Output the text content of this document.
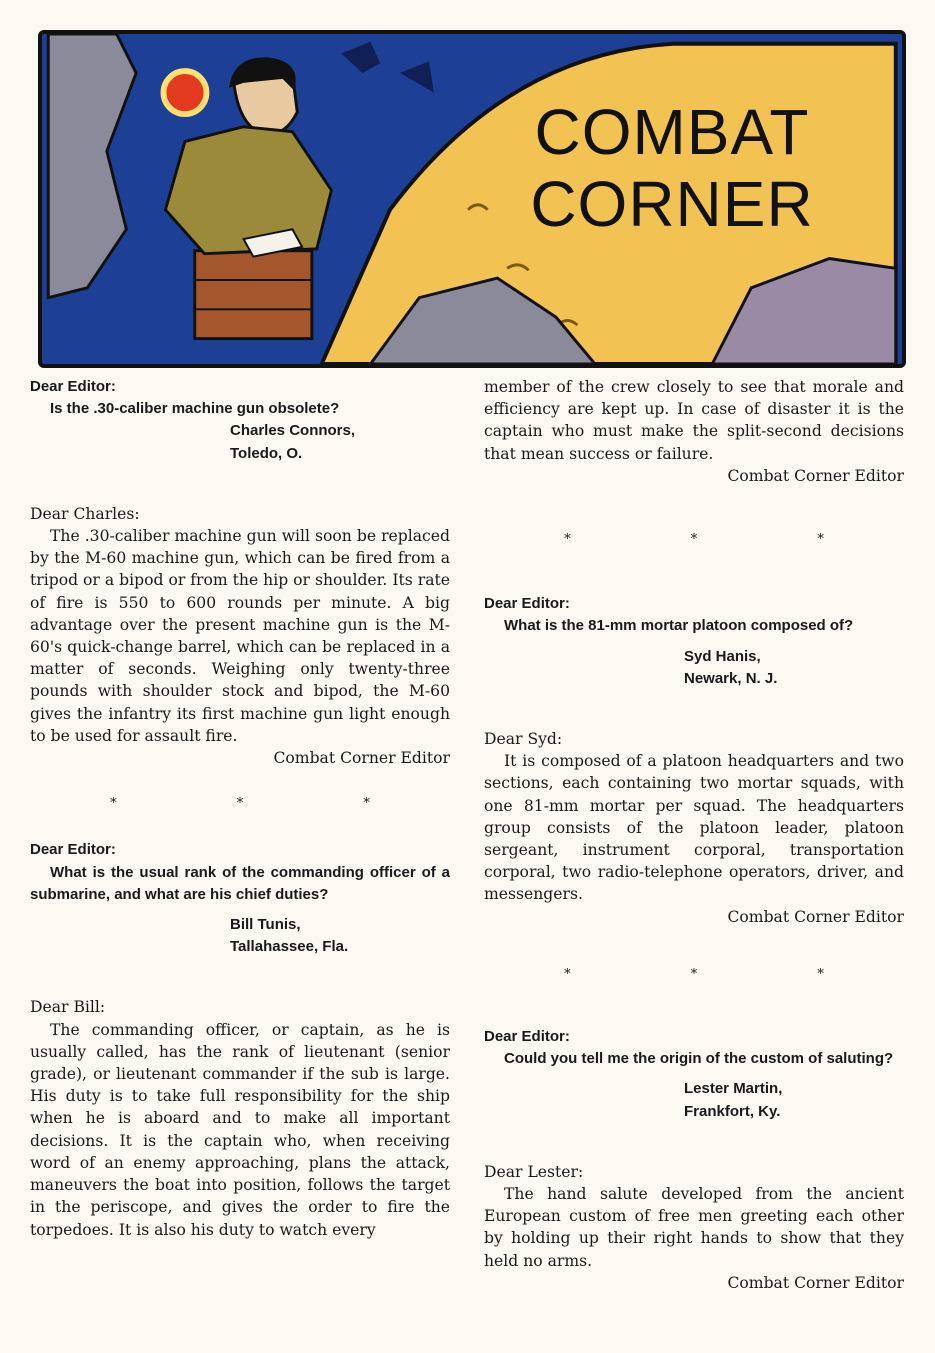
COMBAT
CORNER
Dear Editor:
Is the .30-caliber machine gun obsolete?
Charles Connors,
Toledo, O.
Dear Charles:
The .30-caliber machine gun will soon be replaced by the M-60 machine gun, which can be fired from a tripod or a bipod or from the hip or shoulder. Its rate of fire is 550 to 600 rounds per minute. A big advantage over the present machine gun is the M-60's quick-change barrel, which can be replaced in a matter of seconds. Weighing only twenty-three pounds with shoulder stock and bipod, the M-60 gives the infantry its first machine gun light enough to be used for assault fire.
Combat Corner Editor
* * *
Dear Editor:
What is the usual rank of the commanding officer of a submarine, and what are his chief duties?
Bill Tunis,
Tallahassee, Fla.
Dear Bill:
The commanding officer, or captain, as he is usually called, has the rank of lieutenant (senior grade), or lieutenant commander if the sub is large. His duty is to take full responsibility for the ship when he is aboard and to make all important decisions. It is the captain who, when receiving word of an enemy approaching, plans the attack, maneuvers the boat into position, follows the target in the periscope, and gives the order to fire the torpedoes. It is also his duty to watch every
member of the crew closely to see that morale and efficiency are kept up. In case of disaster it is the captain who must make the split-second decisions that mean success or failure.
Combat Corner Editor
* * *
Dear Editor:
What is the 81-mm mortar platoon composed of?
Syd Hanis,
Newark, N. J.
Dear Syd:
It is composed of a platoon headquarters and two sections, each containing two mortar squads, with one 81-mm mortar per squad. The headquarters group consists of the platoon leader, platoon sergeant, instrument corporal, transportation corporal, two radio-telephone operators, driver, and messengers.
Combat Corner Editor
* * *
Dear Editor:
Could you tell me the origin of the custom of saluting?
Lester Martin,
Frankfort, Ky.
Dear Lester:
The hand salute developed from the ancient European custom of free men greeting each other by holding up their right hands to show that they held no arms.
Combat Corner Editor
